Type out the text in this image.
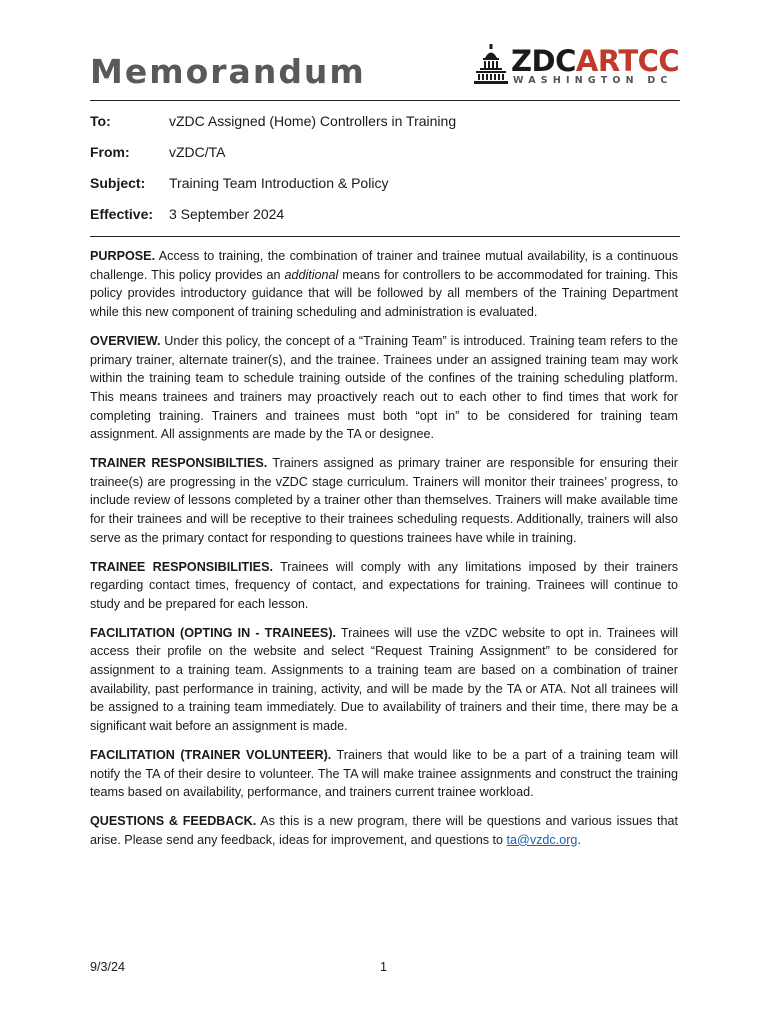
Memorandum	ZDCARTCC
WASHINGTON DC
To:	vZDC Assigned (Home) Controllers in Training
From:	vZDC/TA
Subject: Training Team Introduction & Policy
Effective: 3 September 2024

PURPOSE. Access to training, the combination of trainer and trainee mutual availability, is a continuous challenge. This policy provides an additional means for controllers to be accommodated for training. This policy provides introductory guidance that will be followed by all members of the Training Department while this new component of training scheduling and administration is evaluated.

OVERVIEW. Under this policy, the concept of a “Training Team” is introduced. Training team refers to the primary trainer, alternate trainer(s), and the trainee. Trainees under an assigned training team may work within the training team to schedule training outside of the confines of the training scheduling platform. This means trainees and trainers may proactively reach out to each other to find times that work for completing training. Trainers and trainees must both “opt in” to be considered for training team assignment. All assignments are made by the TA or designee.

TRAINER RESPONSIBILTIES. Trainers assigned as primary trainer are responsible for ensuring their trainee(s) are progressing in the vZDC stage curriculum. Trainers will monitor their trainees’ progress, to include review of lessons completed by a trainer other than themselves. Trainers will make available time for their trainees and will be receptive to their trainees scheduling requests. Additionally, trainers will also serve as the primary contact for responding to questions trainees have while in training.

TRAINEE RESPONSIBILITIES. Trainees will comply with any limitations imposed by their trainers regarding contact times, frequency of contact, and expectations for training. Trainees will continue to study and be prepared for each lesson.

FACILITATION (OPTING IN - TRAINEES). Trainees will use the vZDC website to opt in. Trainees will access their profile on the website and select “Request Training Assignment” to be considered for assignment to a training team. Assignments to a training team are based on a combination of trainer availability, past performance in training, activity, and will be made by the TA or ATA. Not all trainees will be assigned to a training team immediately. Due to availability of trainers and their time, there may be a significant wait before an assignment is made.

FACILITATION (TRAINER VOLUNTEER). Trainers that would like to be a part of a training team will notify the TA of their desire to volunteer. The TA will make trainee assignments and construct the training teams based on availability, performance, and trainers current trainee workload.

QUESTIONS & FEEDBACK. As this is a new program, there will be questions and various issues that arise. Please send any feedback, ideas for improvement, and questions to ta@vzdc.org.

9/3/24	1
